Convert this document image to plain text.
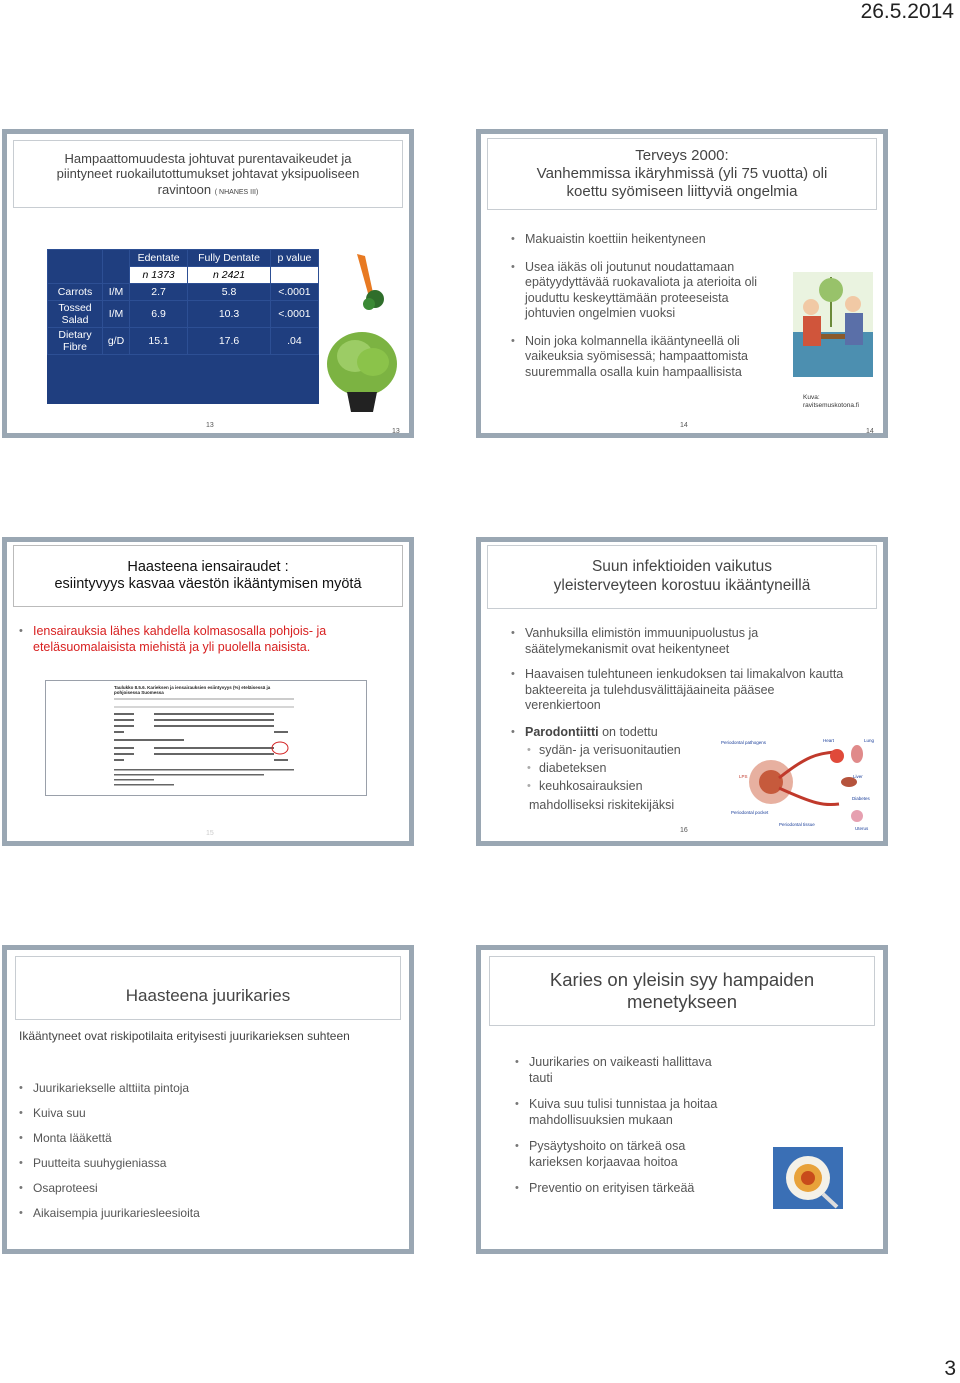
26.5.2014
Hampaattomuudesta johtuvat purentavaikeudet ja
piintyneet ruokailutottumukset johtavat yksipuoliseen
ravintoon ( NHANES III)
		Edentate	Fully Dentate	p value
		n 1373	n 2421	
Carrots	I/M	2.7	5.8	<.0001
Tossed Salad	I/M	6.9	10.3	<.0001
Dietary Fibre	g/D	15.1	17.6	.04
13
13
Terveys 2000:
Vanhemmissa ikäryhmissä (yli 75 vuotta) oli
koettu syömiseen liittyviä ongelmia
• Makuaistin koettiin heikentyneen
• Usea iäkäs oli joutunut noudattamaan epätyydyttävää ruokavaliota ja aterioita oli jouduttu keskeyttämään proteeseista johtuvien ongelmien vuoksi
• Noin joka kolmannella ikääntyneellä oli vaikeuksia syömisessä; hampaattomista suuremmalla osalla kuin hampaallisista
Kuva: ravitsemuskotona.fi
14
14
Haasteena iensairaudet :
esiintyvyys kasvaa väestön ikääntymisen myötä
• Iensairauksia lähes kahdella kolmasosalla pohjois- ja eteläsuomalaisista miehistä ja yli puolella naisista.
Taulukko 8.5.6. Karieksen ja iensairauksien esiintyvyys (%) eteläisessä ja pohjoisessa Suomessa
15
Suun infektioiden vaikutus
yleisterveyteen korostuu ikääntyneillä
• Vanhuksilla elimistön immuunipuolustus ja säätelymekanismit ovat heikentyneet
• Haavaisen tulehtuneen ienkudoksen tai limakalvon kautta bakteereita ja tulehdusvälittäjäaineita pääsee verenkiertoon
• Parodontiitti on todettu
• sydän- ja verisuonitautien
• diabeteksen
• keuhkosairauksien
mahdolliseksi riskitekijäksi
Periodontal pathogens	Heart	Lung
LPS	Liver
Diabetes
Uterus
Periodontal pocket
Periodontal tissue
16
Haasteena juurikaries
Ikääntyneet ovat riskipotilaita erityisesti juurikarieksen suhteen
• Juurikariekselle alttiita pintoja
• Kuiva suu
• Monta lääkettä
• Puutteita suuhygieniassa
• Osaproteesi
• Aikaisempia juurikariesleesioita
Karies on yleisin syy hampaiden
menetykseen
• Juurikaries on vaikeasti hallittava tauti
• Kuiva suu tulisi tunnistaa ja hoitaa mahdollisuuksien mukaan
• Pysäytyshoito on tärkeä osa karieksen korjaavaa hoitoa
• Preventio on erityisen tärkeää
3
